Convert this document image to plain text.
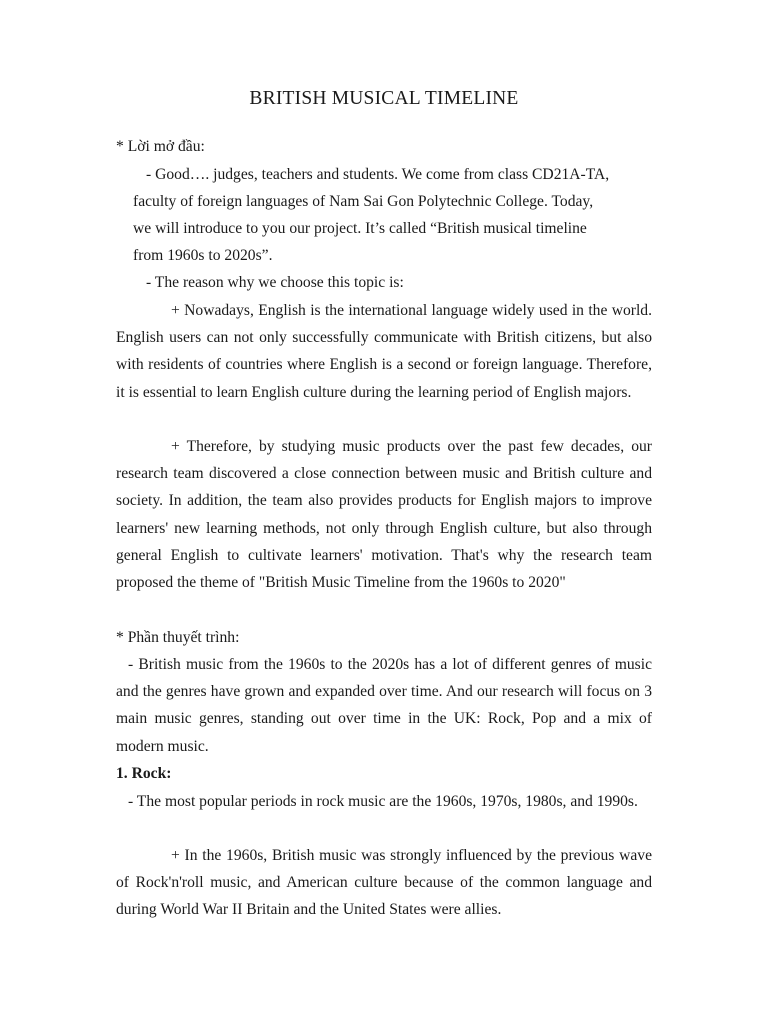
BRITISH MUSICAL TIMELINE
* Lời mở đầu:
- Good…. judges, teachers and students. We come from class CD21A-TA,
faculty of foreign languages of Nam Sai Gon Polytechnic College. Today,
we will introduce to you our project. It’s called “British musical timeline
from 1960s to 2020s”.
- The reason why we choose this topic is:
+ Nowadays, English is the international language widely used in the world. English users can not only successfully communicate with British citizens, but also with residents of countries where English is a second or foreign language. Therefore, it is essential to learn English culture during the learning period of English majors.
+ Therefore, by studying music products over the past few decades, our research team discovered a close connection between music and British culture and society. In addition, the team also provides products for English majors to improve learners' new learning methods, not only through English culture, but also through general English to cultivate learners' motivation. That's why the research team proposed the theme of "British Music Timeline from the 1960s to 2020"
* Phần thuyết trình:
- British music from the 1960s to the 2020s has a lot of different genres of music and the genres have grown and expanded over time. And our research will focus on 3 main music genres, standing out over time in the UK: Rock, Pop and a mix of modern music.
1. Rock:
- The most popular periods in rock music are the 1960s, 1970s, 1980s, and 1990s.
+ In the 1960s, British music was strongly influenced by the previous wave of Rock'n'roll music, and American culture because of the common language and during World War II Britain and the United States were allies.
